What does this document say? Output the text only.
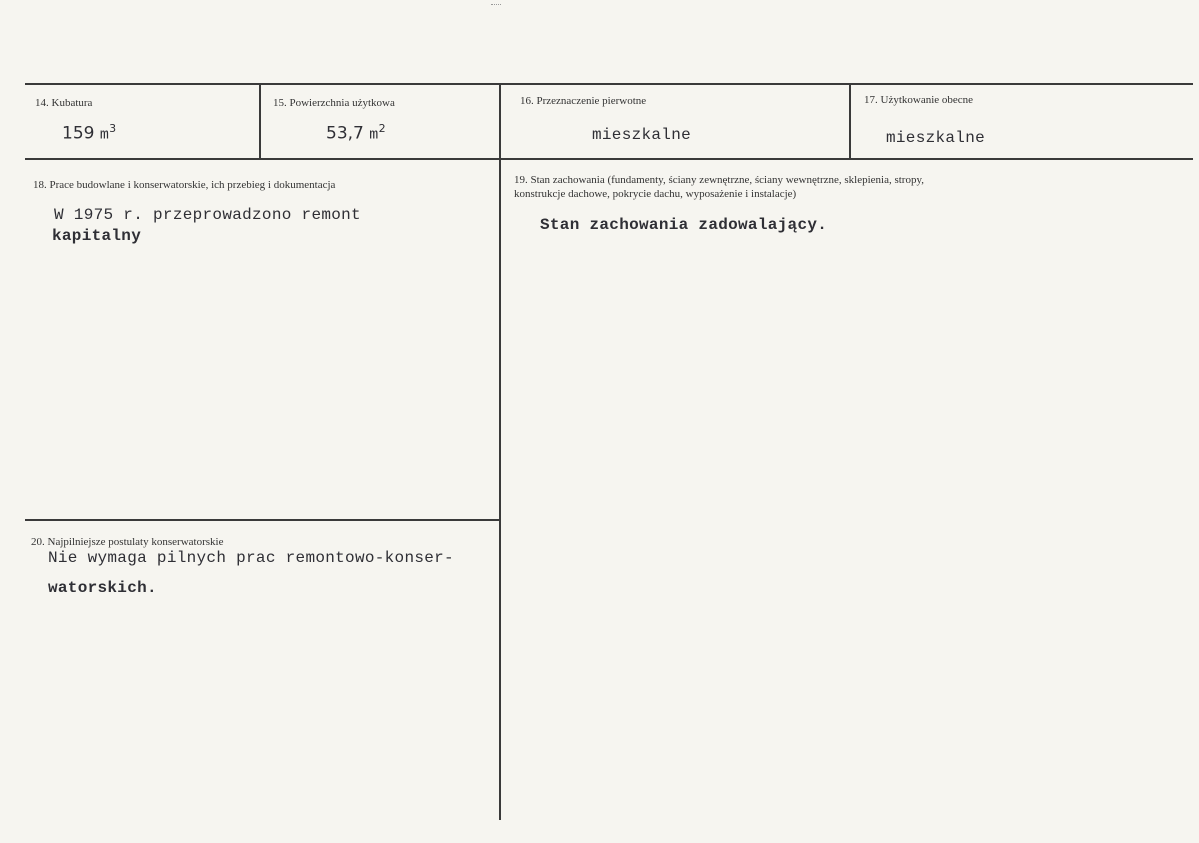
14. Kubatura
159 $m^3$
15. Powierzchnia użytkowa
53,7 $m^2$
16. Przeznaczenie pierwotne
mieszkalne
17. Użytkowanie obecne
mieszkalne
18. Prace budowlane i konserwatorskie, ich przebieg i dokumentacja
W 1975 r. przeprowadzono remont
kapitalny
19. Stan zachowania (fundamenty, ściany zewnętrzne, ściany wewnętrzne, sklepienia, stropy,
konstrukcje dachowe, pokrycie dachu, wyposażenie i instalacje)
Stan zachowania zadowalający.
20. Najpilniejsze postulaty konserwatorskie
Nie wymaga pilnych prac remontowo-konser-
watorskich.
